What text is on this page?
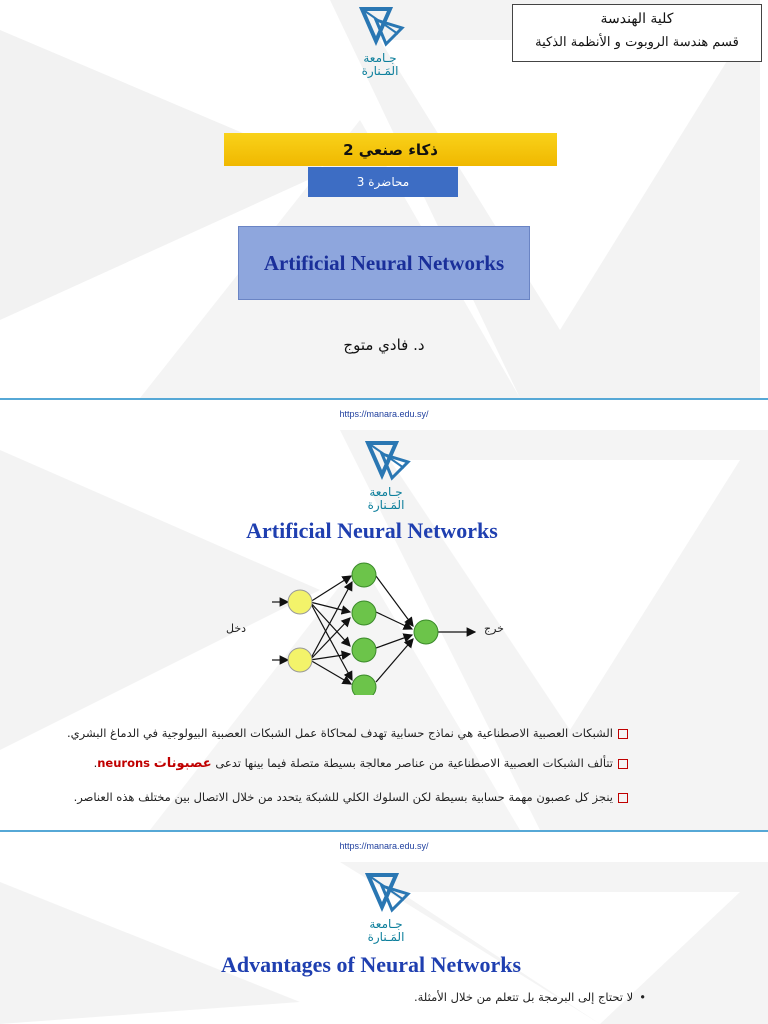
جـامعة
المَـنارة
كلية الهندسة
قسم هندسة الروبوت و الأنظمة الذكية
ذكاء صنعي 2
محاضرة 3
Artificial Neural Networks
د. فادي متوج
https://manara.edu.sy/
جـامعة
المَـنارة
Artificial Neural Networks
دخل	خرج
الشبكات العصبية الاصطناعية هي نماذج حسابية تهدف لمحاكاة عمل الشبكات العصبية البيولوجية في الدماغ البشري.
تتألف الشبكات العصبية الاصطناعية من عناصر معالجة بسيطة متصلة فيما بينها تدعى عصبونات neurons.
ينجز كل عصبون مهمة حسابية بسيطة لكن السلوك الكلي للشبكة يتحدد من خلال الاتصال بين مختلف هذه العناصر.
https://manara.edu.sy/
جـامعة
المَـنارة
Advantages of Neural Networks
•لا تحتاج إلى البرمجة بل تتعلم من خلال الأمثلة.
